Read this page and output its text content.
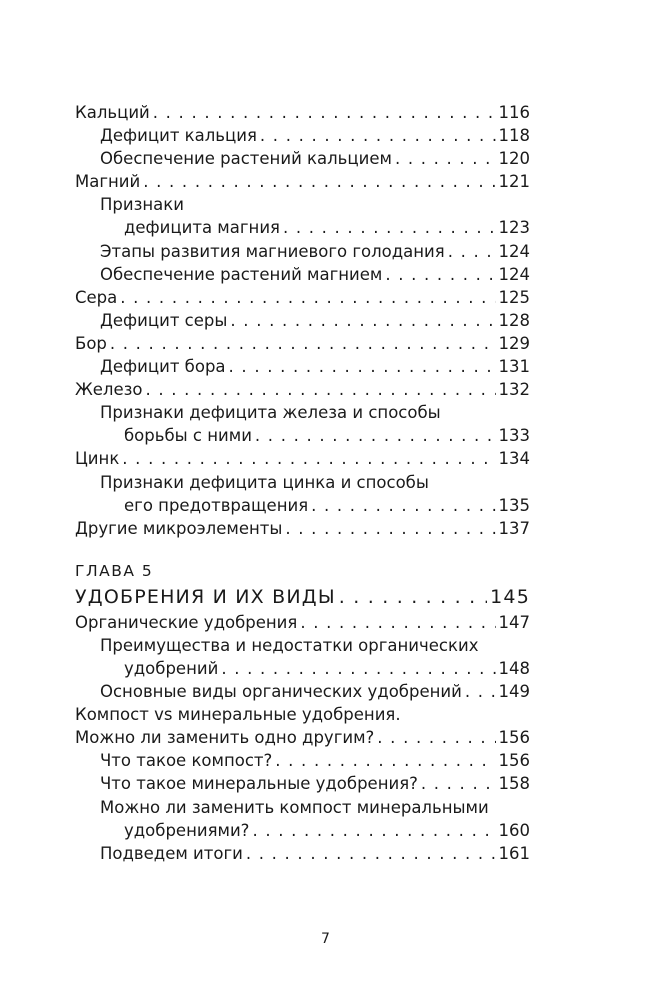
Кальций . . .	116
Дефицит кальция . . .	118
Обеспечение растений кальцием . . .	120
Магний . . .	121
Признаки
дефицита магния . . .	123
Этапы развития магниевого голодания . . .	124
Обеспечение растений магнием . . .	124
Сера . . .	125
Дефицит серы . . .	128
Бор . . .	129
Дефицит бора . . .	131
Железо . . .	132
Признаки дефицита железа и способы
борьбы с ними . . .	133
Цинк . . .	134
Признаки дефицита цинка и способы
его предотвращения . . .	135
Другие микроэлементы . . .	137
ГЛАВА 5
УДОБРЕНИЯ И ИХ ВИДЫ . . .	145
Органические удобрения . . .	147
Преимущества и недостатки органических
удобрений . . .	148
Основные виды органических удобрений . . . 149
Компост vs минеральные удобрения.
Можно ли заменить одно другим? . . .	156
Что такое компост? . . .	156
Что такое минеральные удобрения? . . .	158
Можно ли заменить компост минеральными
удобрениями? . . .	160
Подведем итоги . . .	161
7
